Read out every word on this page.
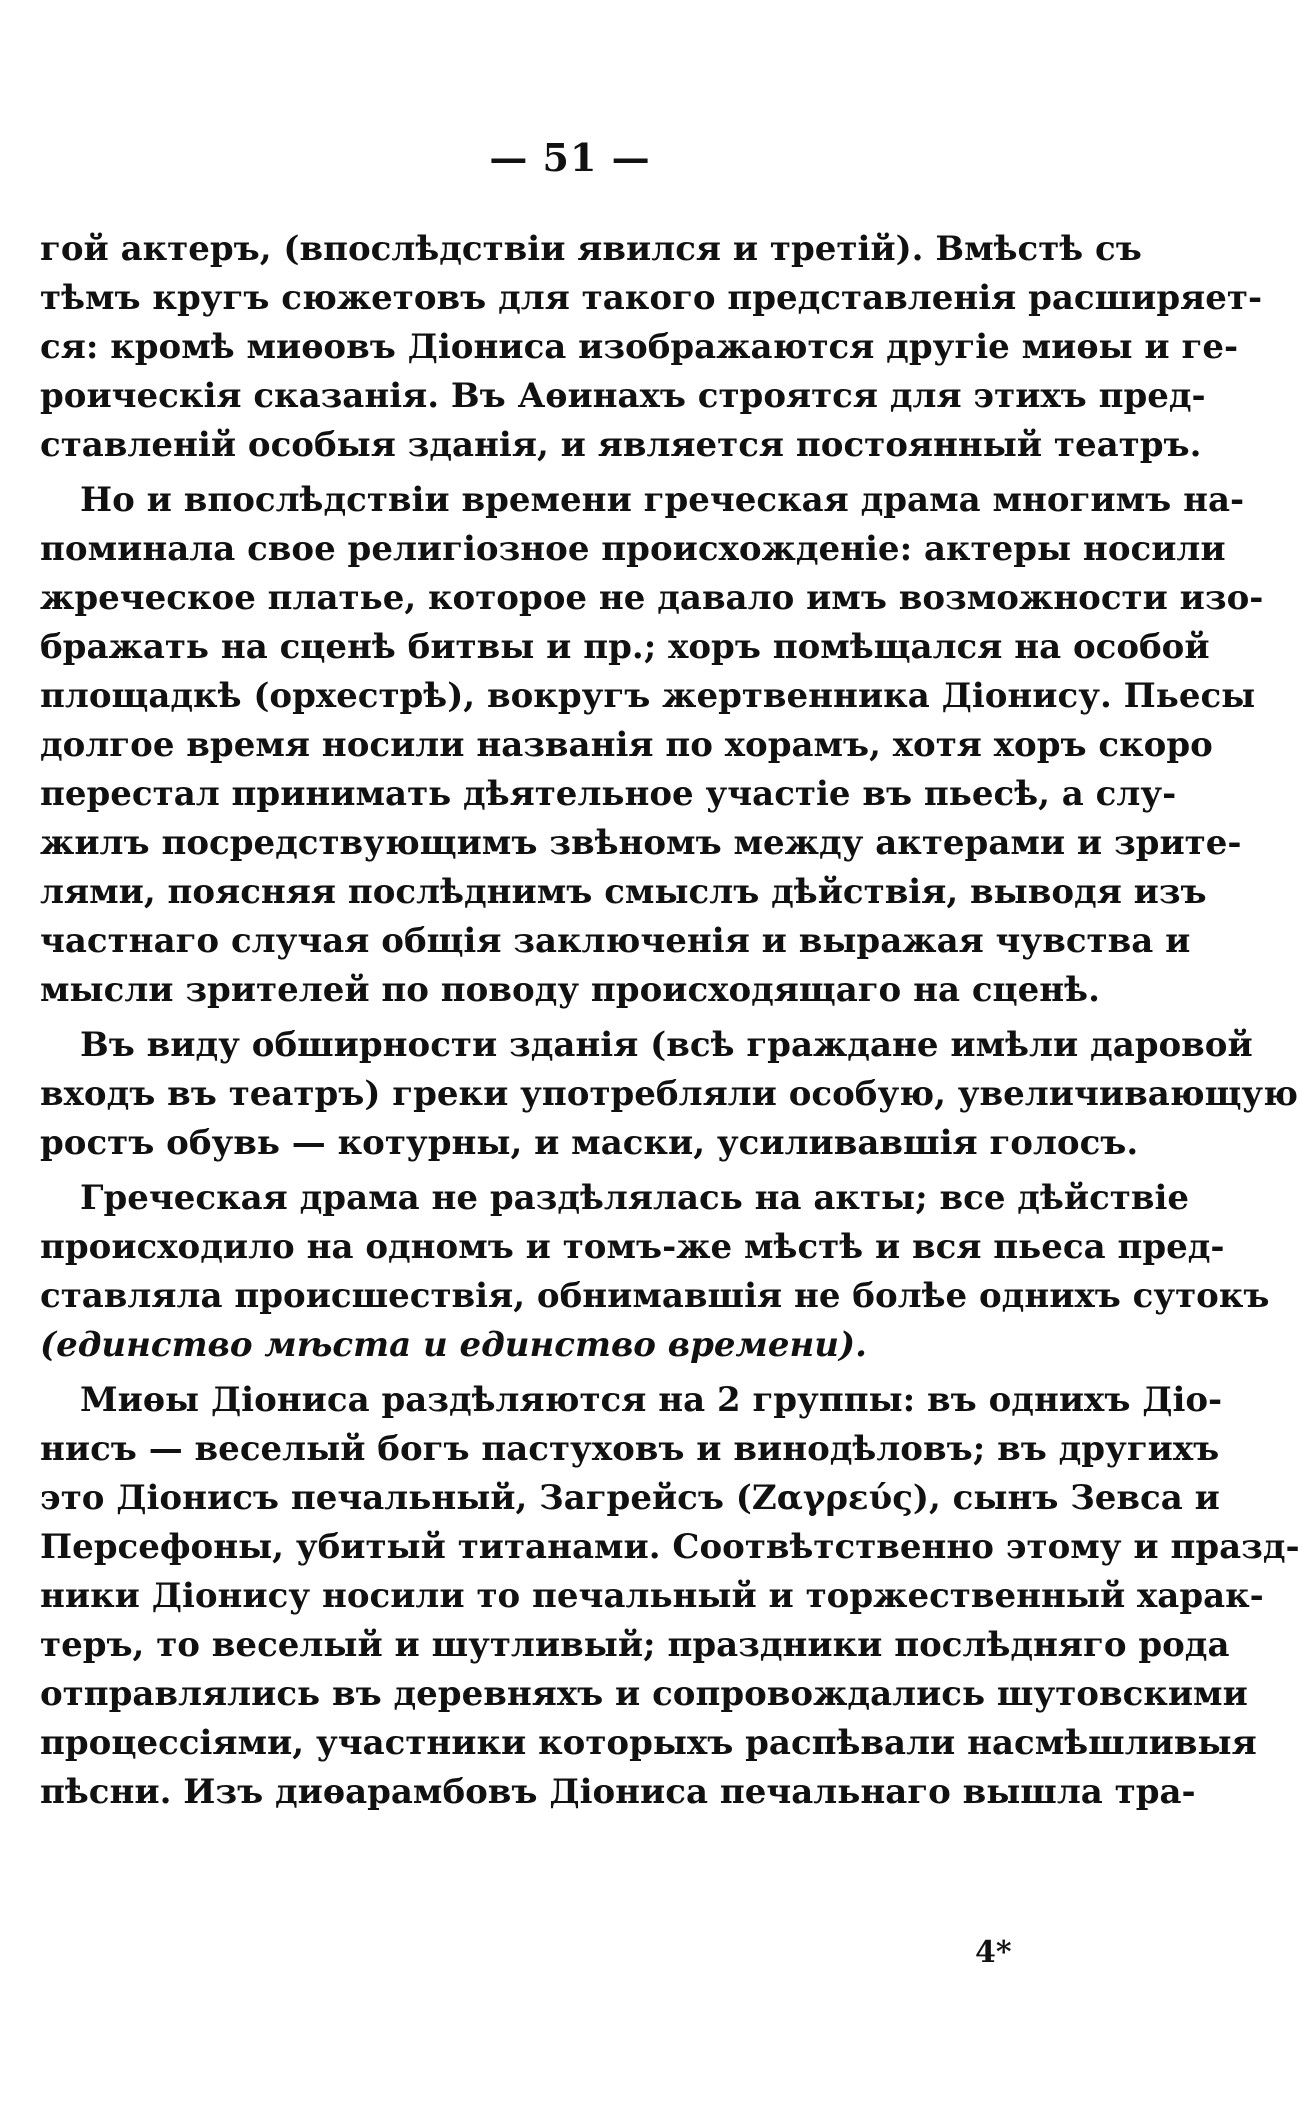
— 51 —
гой актеръ, (впослѣдствіи явился и третій). Вмѣстѣ съ
тѣмъ кругъ сюжетовъ для такого представленія расширяет-
ся: кромѣ миѳовъ Діониса изображаются другіе миѳы и ге-
роическія сказанія. Въ Аѳинахъ строятся для этихъ пред-
ставленій особыя зданія, и является постоянный театръ.
Но и впослѣдствіи времени греческая драма многимъ на-
поминала свое религіозное происхожденіе: актеры носили
жреческое платье, которое не давало имъ возможности изо-
бражать на сценѣ битвы и пр.; хоръ помѣщался на особой
площадкѣ (орхестрѣ), вокругъ жертвенника Діонису. Пьесы
долгое время носили названія по хорамъ, хотя хоръ скоро
перестал принимать дѣятельное участіе въ пьесѣ, а слу-
жилъ посредствующимъ звѣномъ между актерами и зрите-
лями, поясняя послѣднимъ смыслъ дѣйствія, выводя изъ
частнаго случая общія заключенія и выражая чувства и
мысли зрителей по поводу происходящаго на сценѣ.
Въ виду обширности зданія (всѣ граждане имѣли даровой
входъ въ театръ) греки употребляли особую, увеличивающую
ростъ обувь — котурны, и маски, усиливавшія голосъ.
Греческая драма не раздѣлялась на акты; все дѣйствіе
происходило на одномъ и томъ-же мѣстѣ и вся пьеса пред-
ставляла происшествія, обнимавшія не болѣе однихъ сутокъ
(единство мѣста и единство времени).
Миѳы Діониса раздѣляются на 2 группы: въ однихъ Діо-
нисъ — веселый богъ пастуховъ и винодѣловъ; въ другихъ
это Діонисъ печальный, Загрейсъ (Ζαγρεύς), сынъ Зевса и
Персефоны, убитый титанами. Соотвѣтственно этому и празд-
ники Діонису носили то печальный и торжественный харак-
теръ, то веселый и шутливый; праздники послѣдняго рода
отправлялись въ деревняхъ и сопровождались шутовскими
процессіями, участники которыхъ распѣвали насмѣшливыя
пѣсни. Изъ диѳарамбовъ Діониса печальнаго вышла тра-
4*
